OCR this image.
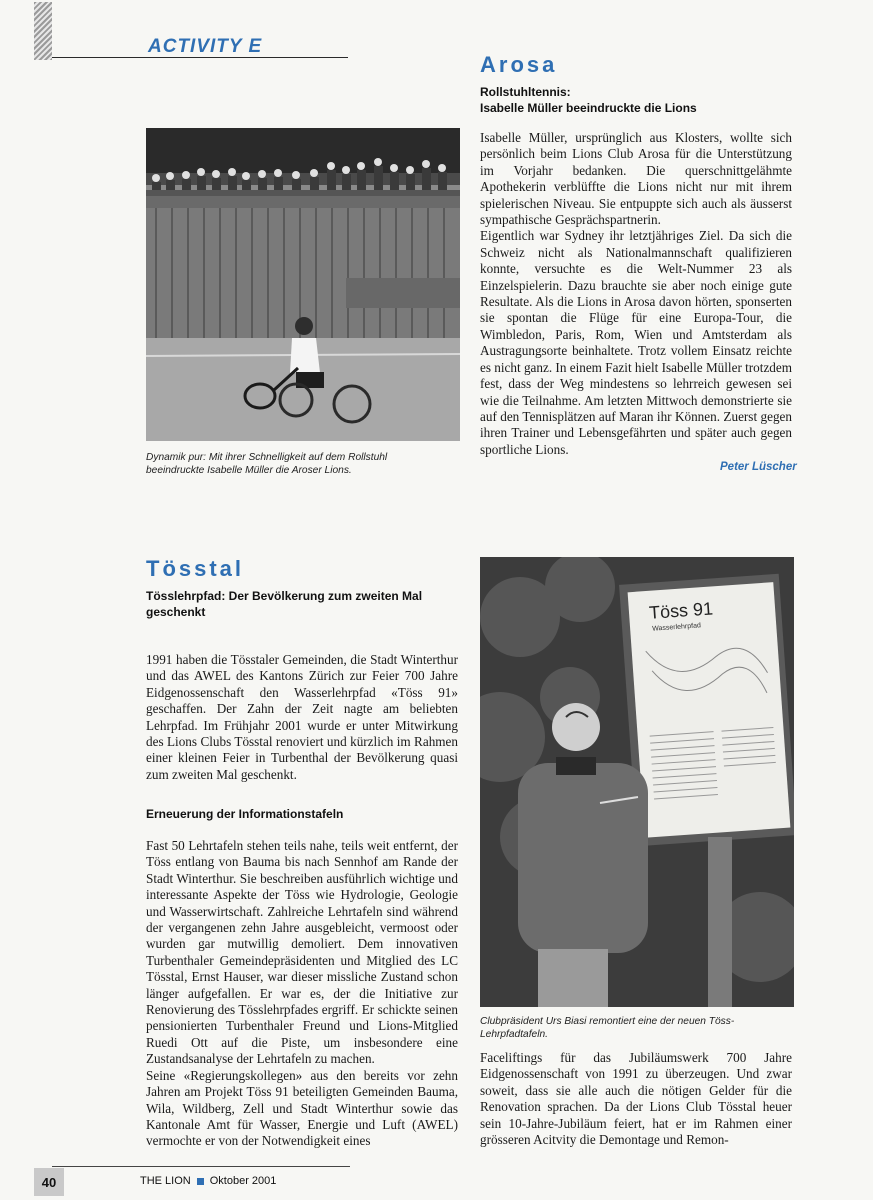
ACTIVITY E
Dynamik pur: Mit ihrer Schnelligkeit auf dem Rollstuhl beeindruckte Isabelle Müller die Aroser Lions.
Arosa
Rollstuhltennis:
Isabelle Müller beeindruckte die Lions

Isabelle Müller, ursprünglich aus Klosters, wollte sich persönlich beim Lions Club Arosa für die Unterstützung im Vorjahr bedanken. Die querschnittgelähmte Apothekerin verblüffte die Lions nicht nur mit ihrem spielerischen Niveau. Sie entpuppte sich auch als äusserst sympathische Gesprächspartnerin.

Eigentlich war Sydney ihr letztjähriges Ziel. Da sich die Schweiz nicht als Nationalmannschaft qualifizieren konnte, versuchte es die Welt-Nummer 23 als Einzelspielerin. Dazu brauchte sie aber noch einige gute Resultate. Als die Lions in Arosa davon hörten, sponserten sie spontan die Flüge für eine Europa-Tour, die Wimbledon, Paris, Rom, Wien und Amtsterdam als Austragungsorte beinhaltete. Trotz vollem Einsatz reichte es nicht ganz. In einem Fazit hielt Isabelle Müller trotzdem fest, dass der Weg mindestens so lehrreich gewesen sei wie die Teilnahme. Am letzten Mittwoch demonstrierte sie auf den Tennisplätzen auf Maran ihr Können. Zuerst gegen ihren Trainer und Lebensgefährten und später auch gegen sportliche Lions.

Peter Lüscher
Tösstal
Tösslehrpfad: Der Bevölkerung zum zweiten Mal geschenkt

1991 haben die Tösstaler Gemeinden, die Stadt Winterthur und das AWEL des Kantons Zürich zur Feier 700 Jahre Eidgenossenschaft den Wasserlehrpfad «Töss 91» geschaffen. Der Zahn der Zeit nagte am beliebten Lehrpfad. Im Frühjahr 2001 wurde er unter Mitwirkung des Lions Clubs Tösstal renoviert und kürzlich im Rahmen einer kleinen Feier in Turbenthal der Bevölkerung quasi zum zweiten Mal geschenkt.

Erneuerung der Informationstafeln

Fast 50 Lehrtafeln stehen teils nahe, teils weit entfernt, der Töss entlang von Bauma bis nach Sennhof am Rande der Stadt Winterthur. Sie beschreiben ausführlich wichtige und interessante Aspekte der Töss wie Hydrologie, Geologie und Wasserwirtschaft. Zahlreiche Lehrtafeln sind während der vergangenen zehn Jahre ausgebleicht, vermoost oder wurden gar mutwillig demoliert. Dem innovativen Turbenthaler Gemeindepräsidenten und Mitglied des LC Tösstal, Ernst Hauser, war dieser missliche Zustand schon länger aufgefallen. Er war es, der die Initiative zur Renovierung des Tösslehrpfades ergriff. Er schickte seinen pensionierten Turbenthaler Freund und Lions-Mitglied Ruedi Ott auf die Piste, um insbesondere eine Zustandsanalyse der Lehrtafeln zu machen.

Seine «Regierungskollegen» aus den bereits vor zehn Jahren am Projekt Töss 91 beteiligten Gemeinden Bauma, Wila, Wildberg, Zell und Stadt Winterthur sowie das Kantonale Amt für Wasser, Energie und Luft (AWEL) vermochte er von der Notwendigkeit eines

Töss 91
Wasserlehrpfad
Clubpräsident Urs Biasi remontiert eine der neuen Töss-Lehrpfadtafeln.

Faceliftings für das Jubiläumswerk 700 Jahre Eidgenossenschaft von 1991 zu überzeugen. Und zwar soweit, dass sie alle auch die nötigen Gelder für die Renovation sprachen. Da der Lions Club Tösstal heuer sein 10-Jahre-Jubiläum feiert, hat er im Rahmen einer grösseren Acitvity die Demontage und Remon-

40	THE LION Oktober 2001
